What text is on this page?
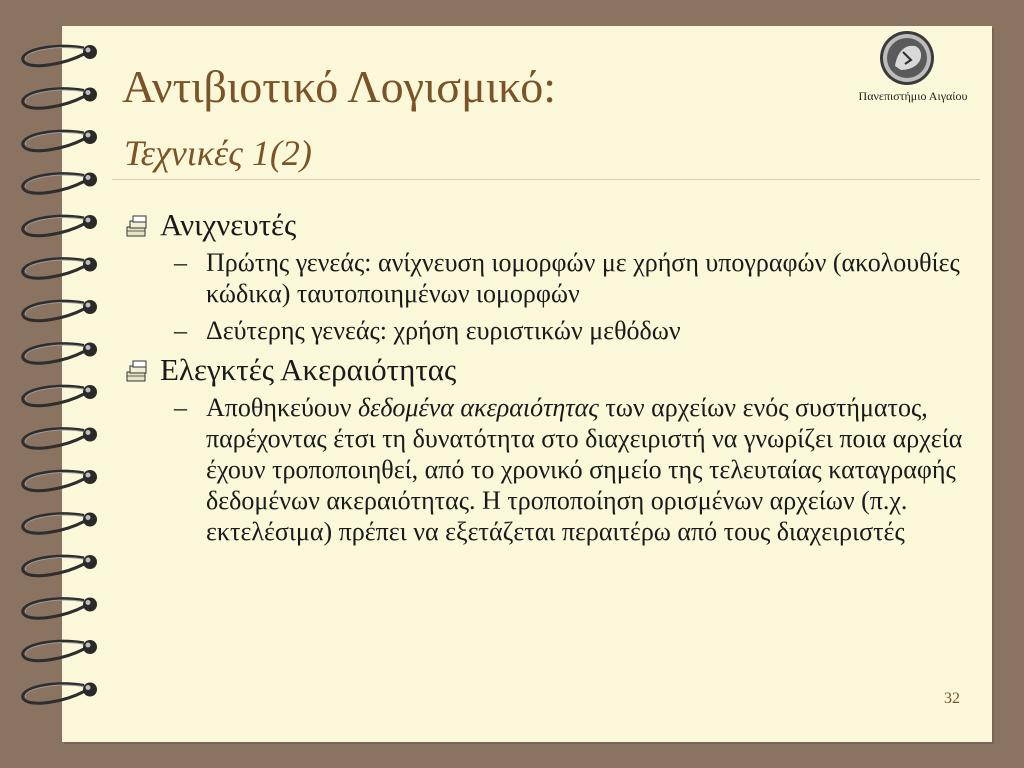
Πανεπιστήμιο Αιγαίου
Αντιβιοτικό Λογισμικό:
Τεχνικές 1(2)
Ανιχνευτές
– Πρώτης γενεάς: ανίχνευση ιομορφών με χρήση υπογραφών (ακολουθίες κώδικα) ταυτοποιημένων ιομορφών
– Δεύτερης γενεάς: χρήση ευριστικών μεθόδων
Ελεγκτές Ακεραιότητας
– Αποθηκεύουν δεδομένα ακεραιότητας των αρχείων ενός συστήματος, παρέχοντας έτσι τη δυνατότητα στο διαχειριστή να γνωρίζει ποια αρχεία έχουν τροποποιηθεί, από το χρονικό σημείο της τελευταίας καταγραφής δεδομένων ακεραιότητας. Η τροποποίηση ορισμένων αρχείων (π.χ. εκτελέσιμα) πρέπει να εξετάζεται περαιτέρω από τους διαχειριστές
32
